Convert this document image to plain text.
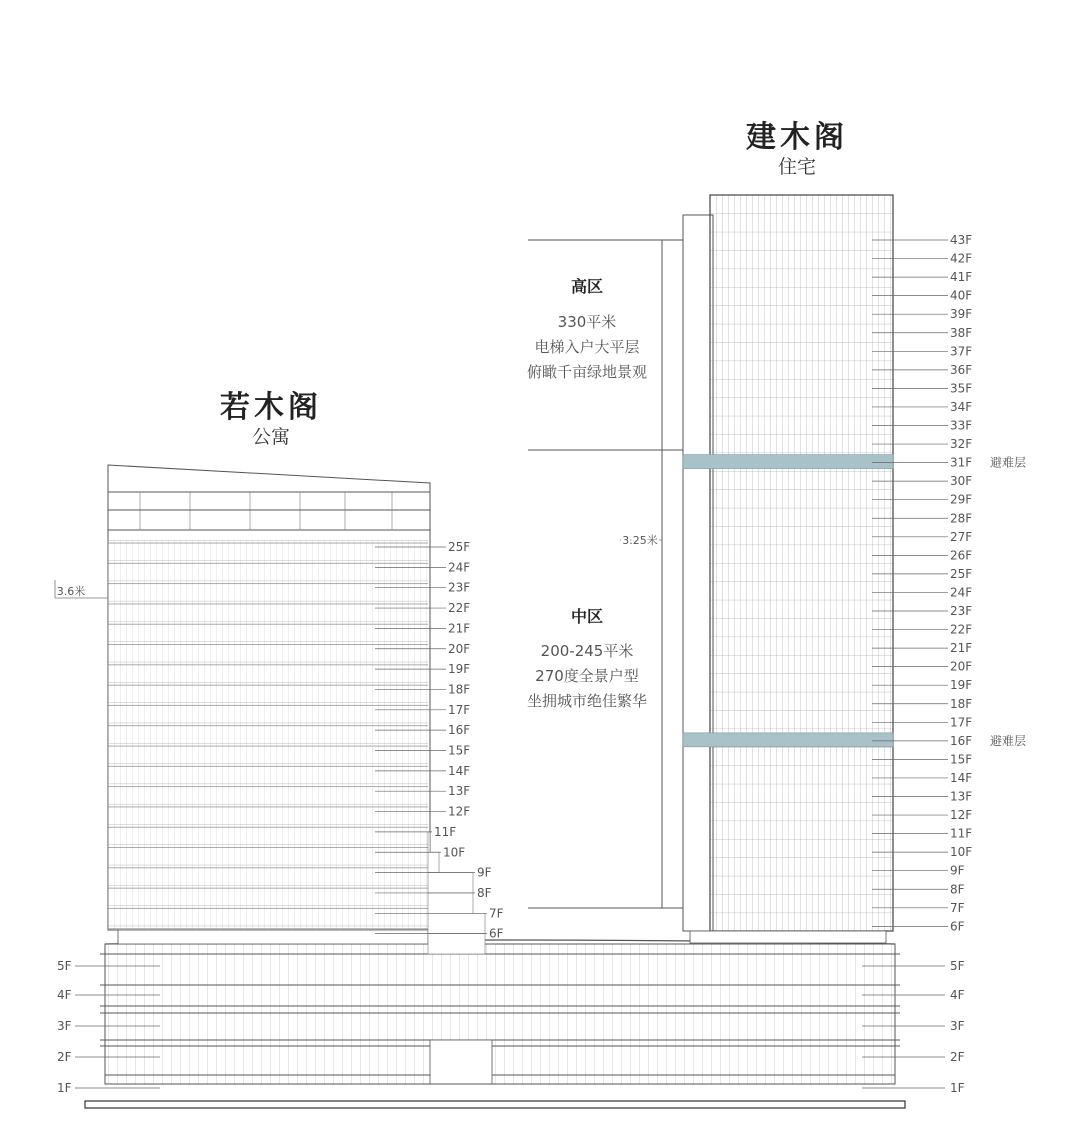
建木阁
住宅
若木阁
公寓
高区
330平米
电梯入户大平层
俯瞰千亩绿地景观
中区
200-245平米
270度全景户型
坐拥城市绝佳繁华
3.25米
3.6米
43F
42F
41F
40F
39F
38F
37F
36F
35F
34F
33F
32F
31F 避难层
30F
29F
28F
27F
26F
25F
24F
23F
22F
21F
20F
19F
18F
17F
16F 避难层
15F
14F
13F
12F
11F
10F
9F
8F
7F
6F
25F
24F
23F
22F
21F
20F
19F
18F
17F
16F
15F
14F
13F
12F
11F
10F
9F
8F
7F
6F
5F	5F
4F	4F
3F	3F
2F	2F
1F	1F
